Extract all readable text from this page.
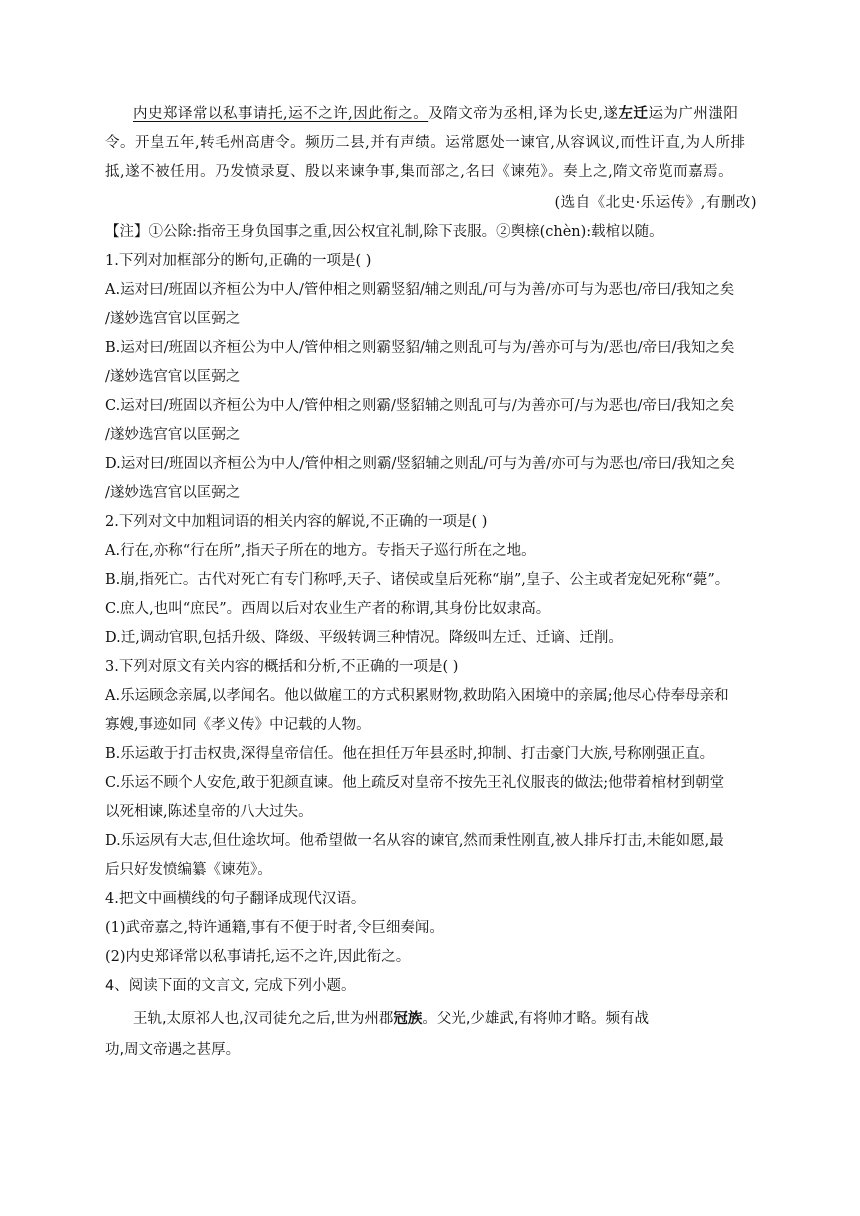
内史郑译常以私事请托,运不之许,因此衔之。及隋文帝为丞相,译为长史,遂左迁运为广州滍阳
令。开皇五年,转毛州高唐令。频历二县,并有声绩。运常愿处一谏官,从容讽议,而性讦直,为人所排
抵,遂不被任用。乃发愤录夏、殷以来谏争事,集而部之,名曰《谏苑》。奏上之,隋文帝览而嘉焉。
(选自《北史·乐运传》,有删改)
【注】①公除:指帝王身负国事之重,因公权宜礼制,除下丧服。②舆榇(chèn):载棺以随。
1.下列对加框部分的断句,正确的一项是( )
A.运对曰/班固以齐桓公为中人/管仲相之则霸竖貂/辅之则乱/可与为善/亦可与为恶也/帝曰/我知之矣
/遂妙选宫官以匡弼之
B.运对曰/班固以齐桓公为中人/管仲相之则霸竖貂/辅之则乱可与为/善亦可与为/恶也/帝曰/我知之矣
/遂妙选宫官以匡弼之
C.运对曰/班固以齐桓公为中人/管仲相之则霸/竖貂辅之则乱可与/为善亦可/与为恶也/帝曰/我知之矣
/遂妙选宫官以匡弼之
D.运对曰/班固以齐桓公为中人/管仲相之则霸/竖貂辅之则乱/可与为善/亦可与为恶也/帝曰/我知之矣
/遂妙选宫官以匡弼之
2.下列对文中加粗词语的相关内容的解说,不正确的一项是( )
A.行在,亦称“行在所”,指天子所在的地方。专指天子巡行所在之地。
B.崩,指死亡。古代对死亡有专门称呼,天子、诸侯或皇后死称“崩”,皇子、公主或者宠妃死称“薨”。
C.庶人,也叫“庶民”。西周以后对农业生产者的称谓,其身份比奴隶高。
D.迁,调动官职,包括升级、降级、平级转调三种情况。降级叫左迁、迁谪、迁削。
3.下列对原文有关内容的概括和分析,不正确的一项是( )
A.乐运顾念亲属,以孝闻名。他以做雇工的方式积累财物,救助陷入困境中的亲属;他尽心侍奉母亲和
寡嫂,事迹如同《孝义传》中记载的人物。
B.乐运敢于打击权贵,深得皇帝信任。他在担任万年县丞时,抑制、打击豪门大族,号称刚强正直。
C.乐运不顾个人安危,敢于犯颜直谏。他上疏反对皇帝不按先王礼仪服丧的做法;他带着棺材到朝堂
以死相谏,陈述皇帝的八大过失。
D.乐运夙有大志,但仕途坎坷。他希望做一名从容的谏官,然而秉性刚直,被人排斥打击,未能如愿,最
后只好发愤编纂《谏苑》。
4.把文中画横线的句子翻译成现代汉语。
(1)武帝嘉之,特许通籍,事有不便于时者,令巨细奏闻。
(2)内史郑译常以私事请托,运不之许,因此衔之。
4、阅读下面的文言文, 完成下列小题。
王轨,太原祁人也,汉司徒允之后,世为州郡冠族。父光,少雄武,有将帅才略。频有战
功,周文帝遇之甚厚。
